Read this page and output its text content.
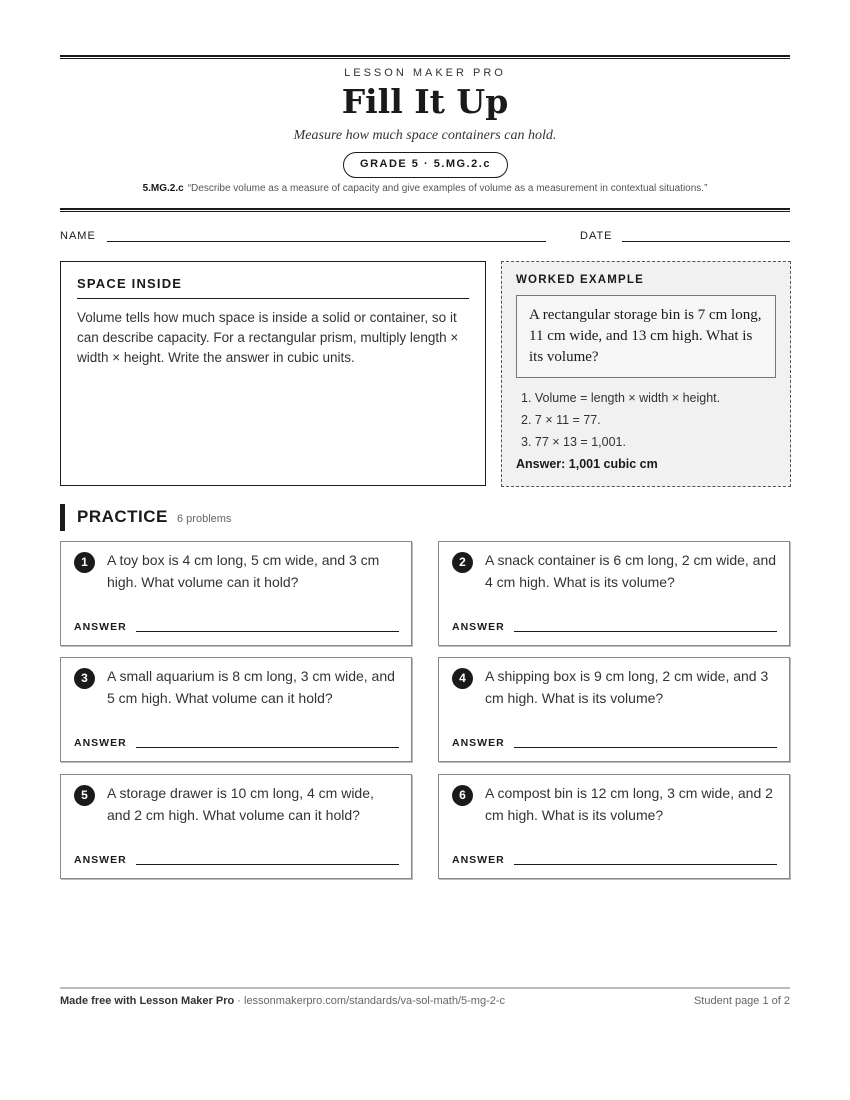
LESSON MAKER PRO
Fill It Up
Measure how much space containers can hold.
GRADE 5 · 5.MG.2.c
5.MG.2.c “Describe volume as a measure of capacity and give examples of volume as a measurement in contextual situations.”
NAME	DATE
SPACE INSIDE
Volume tells how much space is inside a solid or container, so it can describe capacity. For a rectangular prism, multiply length × width × height. Write the answer in cubic units.
WORKED EXAMPLE
A rectangular storage bin is 7 cm long, 11 cm wide, and 13 cm high. What is its volume?
1. Volume = length × width × height.
2. 7 × 11 = 77.
3. 77 × 13 = 1,001.
Answer: 1,001 cubic cm
PRACTICE 6 problems
1	A toy box is 4 cm long, 5 cm wide, and 3 cm high. What volume can it hold?
ANSWER
2	A snack container is 6 cm long, 2 cm wide, and 4 cm high. What is its volume?
ANSWER
3	A small aquarium is 8 cm long, 3 cm wide, and 5 cm high. What volume can it hold?
ANSWER
4	A shipping box is 9 cm long, 2 cm wide, and 3 cm high. What is its volume?
ANSWER
5	A storage drawer is 10 cm long, 4 cm wide, and 2 cm high. What volume can it hold?
ANSWER
6	A compost bin is 12 cm long, 3 cm wide, and 2 cm high. What is its volume?
ANSWER
Made free with Lesson Maker Pro · lessonmakerpro.com/standards/va-sol-math/5-mg-2-c	Student page 1 of 2
